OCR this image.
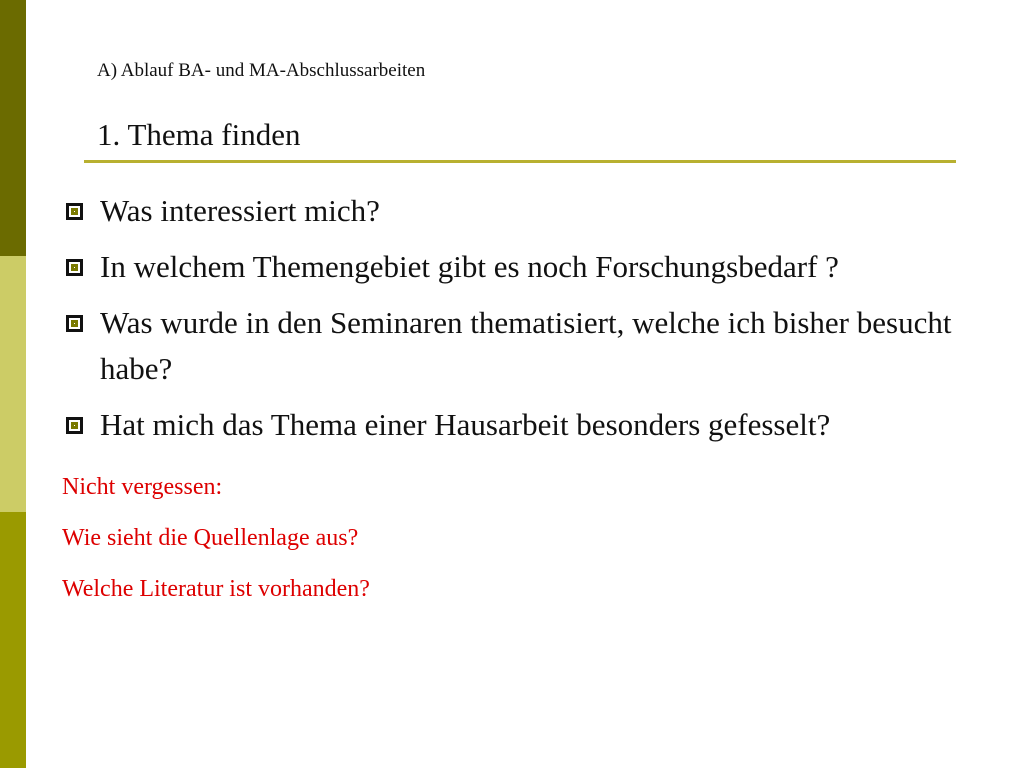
A) Ablauf BA- und MA-Abschlussarbeiten
1. Thema finden
Was interessiert mich?
In welchem Themengebiet gibt es noch Forschungsbedarf ?
Was wurde in den Seminaren thematisiert, welche ich bisher besucht habe?
Hat mich das Thema einer Hausarbeit besonders gefesselt?
Nicht vergessen:
Wie sieht die Quellenlage aus?
Welche Literatur ist vorhanden?
